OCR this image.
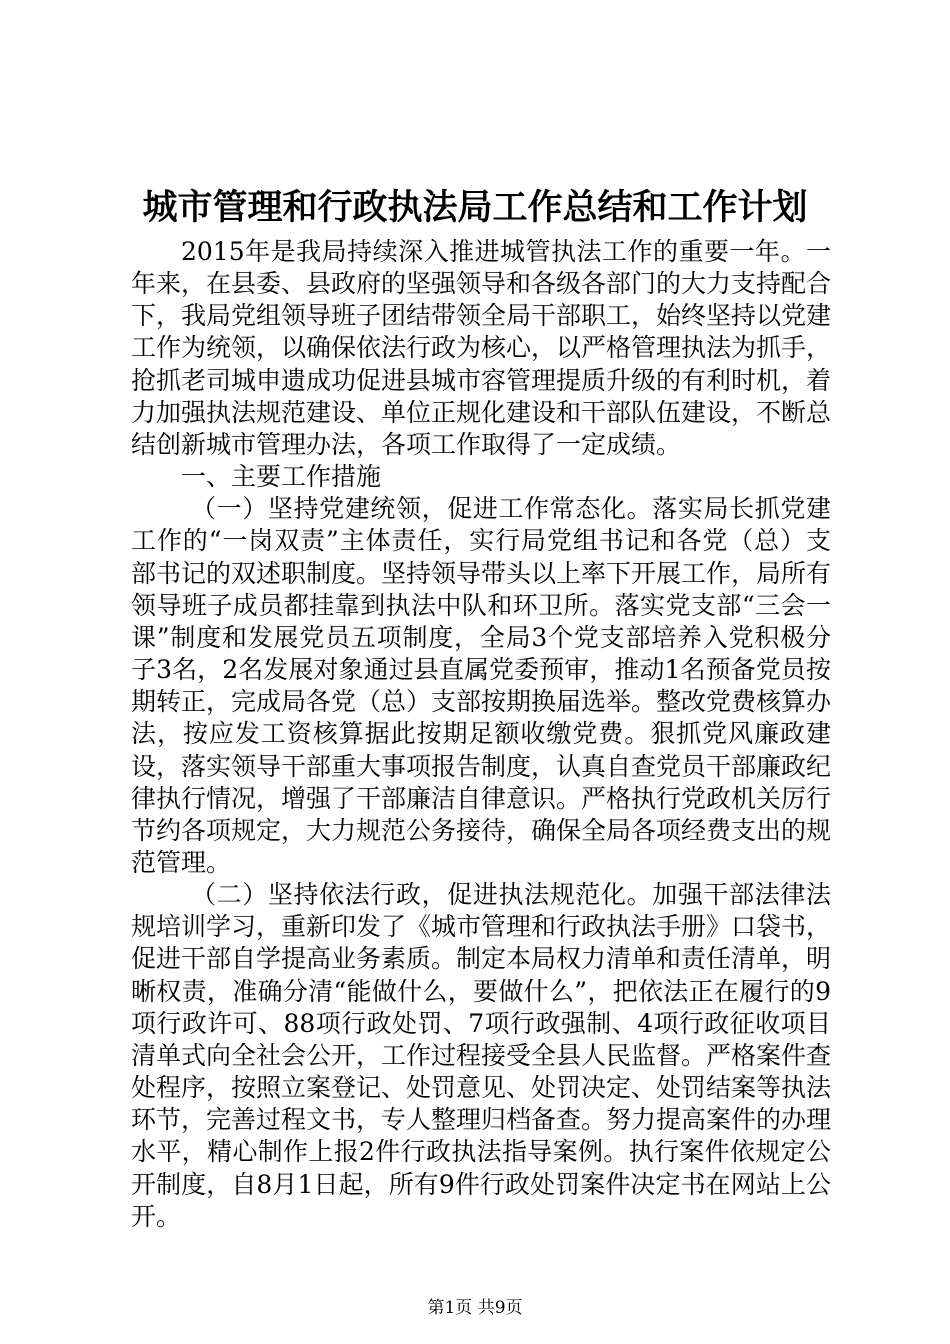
城市管理和行政执法局工作总结和工作计划

2015年是我局持续深入推进城管执法工作的重要一年。一年来，在县委、县政府的坚强领导和各级各部门的大力支持配合下，我局党组领导班子团结带领全局干部职工，始终坚持以党建工作为统领，以确保依法行政为核心，以严格管理执法为抓手，抢抓老司城申遗成功促进县城市容管理提质升级的有利时机，着力加强执法规范建设、单位正规化建设和干部队伍建设，不断总结创新城市管理办法，各项工作取得了一定成绩。

一、主要工作措施

（一）坚持党建统领，促进工作常态化。落实局长抓党建工作的“一岗双责”主体责任，实行局党组书记和各党（总）支部书记的双述职制度。坚持领导带头以上率下开展工作，局所有领导班子成员都挂靠到执法中队和环卫所。落实党支部“三会一课”制度和发展党员五项制度，全局3个党支部培养入党积极分子3名，2名发展对象通过县直属党委预审，推动1名预备党员按期转正，完成局各党（总）支部按期换届选举。整改党费核算办法，按应发工资核算据此按期足额收缴党费。狠抓党风廉政建设，落实领导干部重大事项报告制度，认真自查党员干部廉政纪律执行情况，增强了干部廉洁自律意识。严格执行党政机关厉行节约各项规定，大力规范公务接待，确保全局各项经费支出的规范管理。

（二）坚持依法行政，促进执法规范化。加强干部法律法规培训学习，重新印发了《城市管理和行政执法手册》口袋书，促进干部自学提高业务素质。制定本局权力清单和责任清单，明晰权责，准确分清“能做什么，要做什么”，把依法正在履行的9项行政许可、88项行政处罚、7项行政强制、4项行政征收项目清单式向全社会公开，工作过程接受全县人民监督。严格案件查处程序，按照立案登记、处罚意见、处罚决定、处罚结案等执法环节，完善过程文书，专人整理归档备查。努力提高案件的办理水平，精心制作上报2件行政执法指导案例。执行案件依规定公开制度，自8月1日起，所有9件行政处罚案件决定书在网站上公开。

第1页 共9页
